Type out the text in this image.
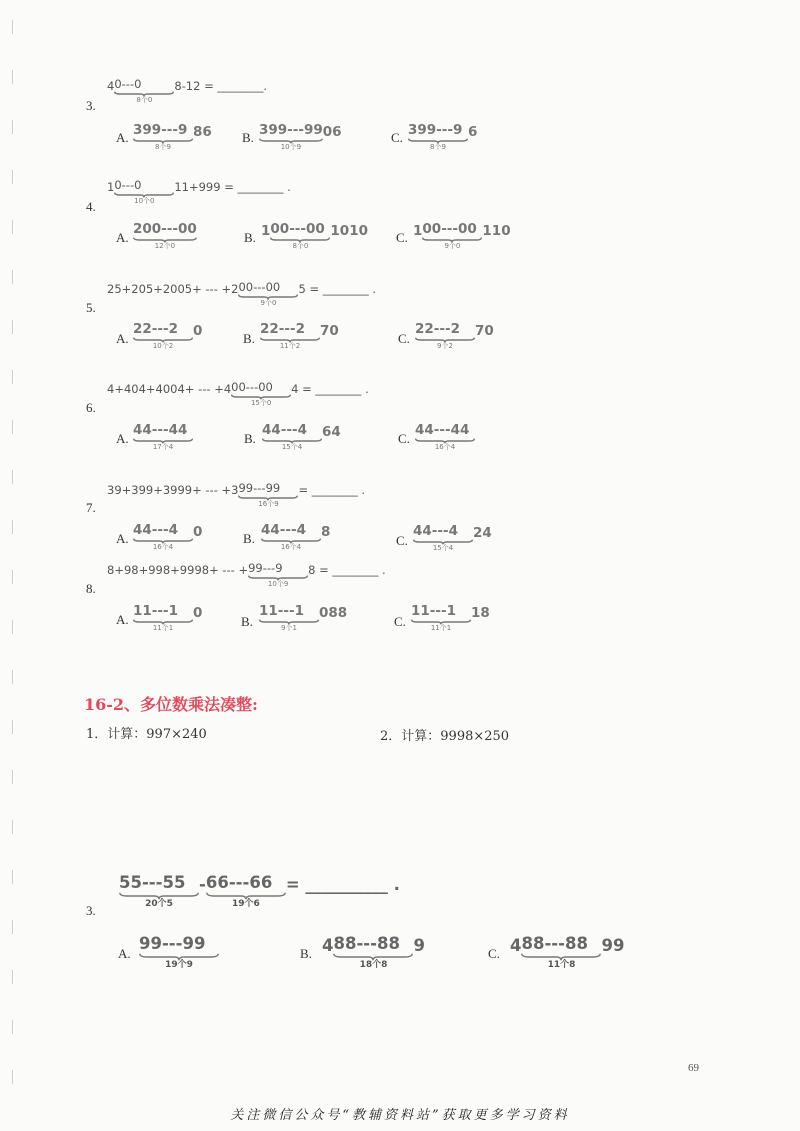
4 0---0
8个0
8-12 = ________.
3.
A. 399---9
8个9
86 B. 399---99
10个9
06	C. 399---9
8个9
6
1 0---0
10个0
11+999 = ________ .
4.
A.
200---00
12个0
B. 1 00---00
8个0
1010 C. 1 00---00
9个0
110
25+205+2005+ --- +2 00---00
9个0
5 = ________ .
5.
A.
22---2
10个2
0	B.
22---2
11个2
70	C.
22---2
9个2
70
4+404+4004+ --- +4 00---00
15个0
4 = ________ .
6.
A.
44---44
17个4
B.
44---4
15个4
64	C.
44---44
16个4
39+399+3999+ --- +3 99---99
16个9
= ________ .
7.
A.
44---4
16个4
0	B.
44---4
16个4
8
C.
44---4
15个4
24
8+98+998+9998+ --- + 99---9
10个9
8 = ________ .
8.
A.
11---1
11个1
0
B.
11---1
9个1
088
C.
11---1
11个1
18
16-2、多位数乘法凑整:
1．计算：997×240	2．计算：9998×250
55---55
20个5
- 66---66
19个6
= __________ .
3.
A.
99---99
19个9
B. 4 88---88
18个8
9	C. 4 88---88
11个8
99
69
关注微信公众号“教辅资料站”获取更多学习资料
